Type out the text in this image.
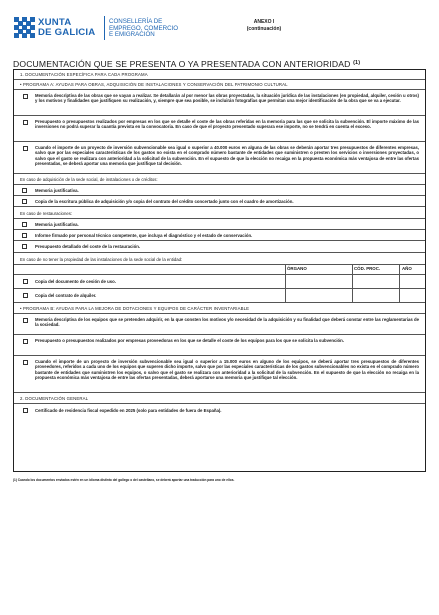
XUNTA
DE GALICIA
CONSELLERÍA DE
EMPREGO, COMERCIO
E EMIGRACIÓN
ANEXO I
(continuación)
DOCUMENTACIÓN QUE SE PRESENTA O YA PRESENTADA CON ANTERIORIDAD $^{(1)}$
1. DOCUMENTACIÓN ESPECÍFICA PARA CADA PROGRAMA
• PROGRAMA A: AYUDAS PARA OBRAS, ADQUISICIÓN DE INSTALACIONES Y CONSERVACIÓN DEL PATRIMONIO CULTURAL
Memoria descriptiva de las obras que se vayan a realizar. Se detallarán al por menor las obras proyectadas, la situación jurídica de las instalaciones (en propiedad, alquiler, cesión u otros) y los motivos y finalidades que justifiquen su realización, y, siempre que sea posible, se incluirán fotografías que permitan una mejor identificación de la obra que se va a ejecutar.
Presupuesto o presupuestos realizados por empresas en los que se detalle el coste de las obras referidas en la memoria para las que se solicita la subvención. El importe máximo de las inversiones no podrá superar la cuantía prevista en la convocatoria. En caso de que el proyecto presentado superara ese importe, no se tendrá en cuenta el exceso.
Cuando el importe de un proyecto de inversión subvencionable sea igual o superior a 40.000 euros en alguna de las obras se deberán aportar tres presupuestos de diferentes empresas, salvo que por las especiales características de los gastos no exista en el comprado número bastante de entidades que suministren o presten los servicios o inversiones proyectadas, o salvo que el gasto se realizara con anterioridad a la solicitud de la subvención. En el supuesto de que la elección no recaiga en la propuesta económica más ventajosa de entre las ofertas presentadas, se deberá aportar una memoria que justifique tal decisión.
En caso de adquisición de la sede social, de instalaciones o de créditos:
Memoria justificativa.
Copia de la escritura pública de adquisición y/o copia del contrato del crédito concertado junto con el cuadro de amortización.
En caso de restauraciones:
Memoria justificativa.
Informe firmado por personal técnico competente, que incluya el diagnóstico y el estado de conservación.
Presupuesto detallado del coste de la restauración.
En caso de no tener la propiedad de las instalaciones de la sede social de la entidad:
ÓRGANO	CÓD. PROC.	AÑO
Copia del documento de cesión de uso.
Copia del contrato de alquiler.
• PROGRAMA B: AYUDAS PARA LA MEJORA DE DOTACIONES Y EQUIPOS DE CARÁCTER INVENTARIABLE
Memoria descriptiva de los equipos que se pretenden adquirir, en la que consten los motivos y/o necesidad de la adquisición y su finalidad que deberá constar entre las reglamentarias de la sociedad.
Presupuesto o presupuestos realizados por empresas proveedoras en los que se detalle el coste de los equipos para los que se solicita la subvención.
Cuando el importe de un proyecto de inversión subvencionable sea igual o superior a 15.000 euros en alguno de los equipos, se deberá aportar tres presupuestos de diferentes proveedores, referidos a cada uno de los equipos que superen dicho importe, salvo que por las especiales características de los gastos subvencionables no exista en el comprado número bastante de entidades que suministren los equipos, o salvo que el gasto se realizara con anterioridad a la solicitud de la subvención. En el supuesto de que la elección no recaiga en la propuesta económica más ventajosa de entre las ofertas presentadas, deberá aportarse una memoria que justifique tal elección.
2. DOCUMENTACIÓN GENERAL
Certificado de residencia fiscal expedido en 2025 (solo para entidades de fuera de España).
(1) Cuando los documentos enviados estén en un idioma distinto del gallego o del castellano, se deberá aportar una traducción para uno de ellos.
